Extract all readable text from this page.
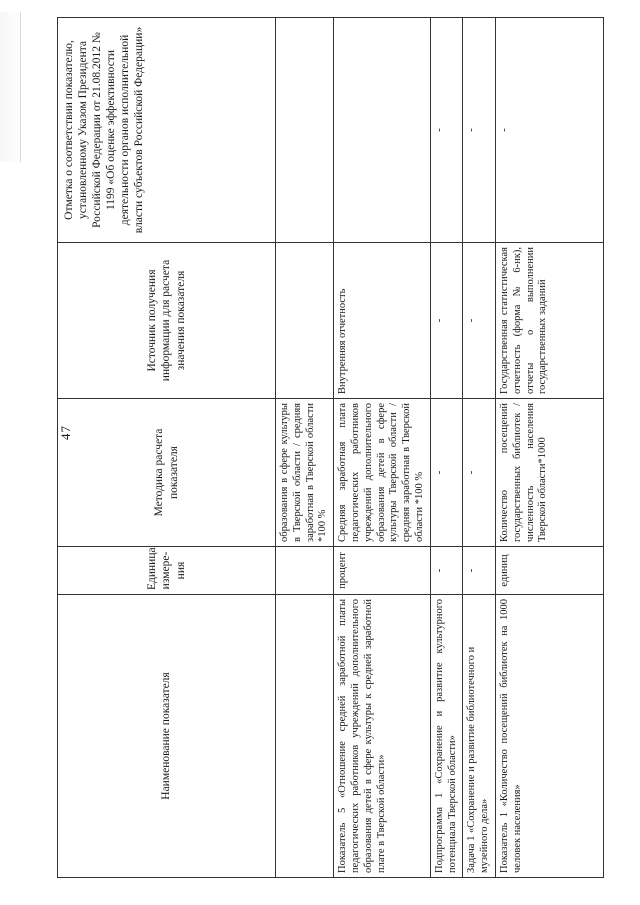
47
Наименование показателя	Единица измере-ния	Методика расчета показателя	Источник получения информации для расчета значения показателя	Отметка о соответствии показателю, установленному Указом Президента Российской Федерации от 21.08.2012 № 1199 «Об оценке эффективности деятельности органов исполнительной власти субъектов Российской Федерации»
		образования в сфере культуры в Тверской области / средняя заработная в Тверской области *100 %		
Показатель 5 «Отношение средней заработной платы педагогических работников учреждений дополнительного образования детей в сфере культуры к средней заработной плате в Тверской области»	процент	Средняя заработная плата педагогических работников учреждений дополнительного образования детей в сфере культуры Тверской области / средняя заработная в Тверской области *100 %	Внутренняя отчетность	
Подпрограмма 1 «Сохранение и развитие культурного потенциала Тверской области»	-	-	-	-
Задача 1 «Сохранение и развитие библиотечного и музейного дела»	-	-	-	-
Показатель 1 «Количество посещений библиотек на 1000 человек населения»	единиц	Количество посещений государственных библиотек / численность населения Тверской области*1000	Государственная статистическая отчетность (форма № 6-нк), отчеты о выполнении государственных заданий	-
